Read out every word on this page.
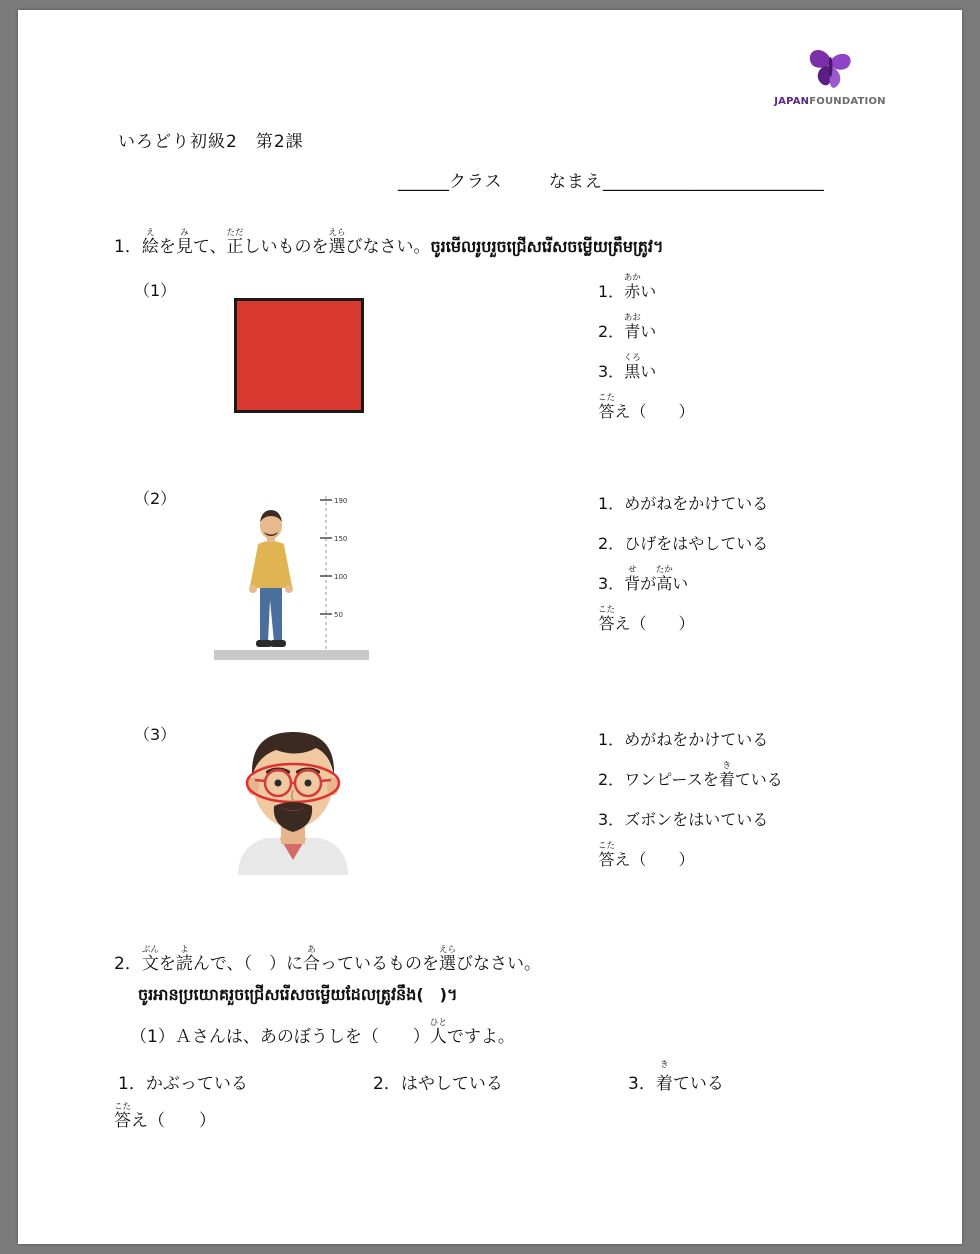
JAPANFOUNDATION
いろどり初級2　第2課
______クラス	なまえ__________________________
1．絵えを見みて、正ただしいものを選えらびなさい。ចូរមើលរូបរួចជ្រើសរើសចម្លើយត្រឹមត្រូវ។
（1）	1．赤あかい
2．青あおい
3．黒くろい
答こたえ（　　）
（2）	190
150
100
50
1．めがねをかけている
2．ひげをはやしている
3．背せが高たかい
答こたえ（　　）
（3）	1．めがねをかけている
2．ワンピースを着きている
3．ズボンをはいている
答こたえ（　　）
2．文ぶんを読よんで、（　）に合あっているものを選えらびなさい。
ចូរអានប្រយោគរួចជ្រើសរើសចម្លើយដែលត្រូវនឹង(　)។
（1）Ａさんは、あのぼうしを（　　）人ひとですよ。
1．かぶっている	2．はやしている	3．着きている
答こたえ（　　）
